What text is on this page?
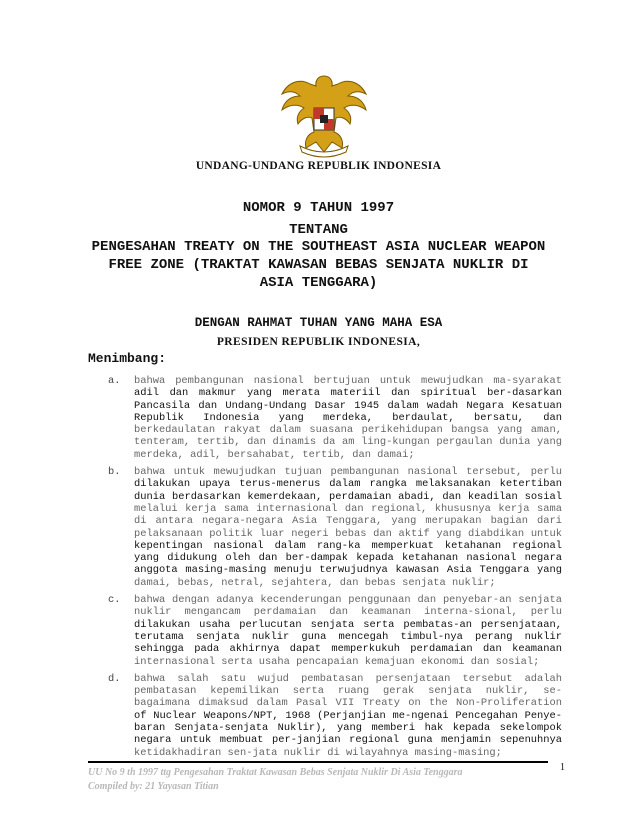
UNDANG-UNDANG REPUBLIK INDONESIA
NOMOR 9 TAHUN 1997
TENTANG
PENGESAHAN TREATY ON THE SOUTHEAST ASIA NUCLEAR WEAPON
FREE ZONE (TRAKTAT KAWASAN BEBAS SENJATA NUKLIR DI
ASIA TENGGARA)
DENGAN RAHMAT TUHAN YANG MAHA ESA
PRESIDEN REPUBLIK INDONESIA,
Menimbang:
a. bahwa pembangunan nasional bertujuan untuk mewujudkan ma-syarakat
adil dan makmur yang merata materiil dan spiritual ber-dasarkan
Pancasila dan Undang-Undang Dasar 1945 dalam wadah Negara Kesatuan
Republik Indonesia yang merdeka, berdaulat, bersatu, dan
berkedaulatan rakyat dalam suasana perikehidupan bangsa yang aman,
tenteram, tertib, dan dinamis da am ling-kungan pergaulan dunia yang
merdeka, adil, bersahabat, tertib, dan damai;
b. bahwa untuk mewujudkan tujuan pembangunan nasional tersebut, perlu
dilakukan upaya terus-menerus dalam rangka melaksanakan ketertiban
dunia berdasarkan kemerdekaan, perdamaian abadi, dan keadilan sosial
melalui kerja sama internasional dan regional, khususnya kerja sama
di antara negara-negara Asia Tenggara, yang merupakan bagian dari
pelaksanaan politik luar negeri bebas dan aktif yang diabdikan untuk
kepentingan nasional dalam rang-ka memperkuat ketahanan regional
yang didukung oleh dan ber-dampak kepada ketahanan nasional negara
anggota masing-masing menuju terwujudnya kawasan Asia Tenggara yang
damai, bebas, netral, sejahtera, dan bebas senjata nuklir;
c. bahwa dengan adanya kecenderungan penggunaan dan penyebar-an senjata
nuklir mengancam perdamaian dan keamanan interna-sional, perlu
dilakukan usaha perlucutan senjata serta pembatas-an persenjataan,
terutama senjata nuklir guna mencegah timbul-nya perang nuklir
sehingga pada akhirnya dapat memperkukuh perdamaian dan keamanan
internasional serta usaha pencapaian kemajuan ekonomi dan sosial;
d. bahwa salah satu wujud pembatasan persenjataan tersebut adalah
pembatasan kepemilikan serta ruang gerak senjata nuklir, se-
bagaimana dimaksud dalam Pasal VII Treaty on the Non-Proliferation
of Nuclear Weapons/NPT, 1968 (Perjanjian me-ngenai Pencegahan Penye-
baran Senjata-senjata Nuklir), yang memberi hak kepada sekelompok
negara untuk membuat per-janjian regional guna menjamin sepenuhnya
ketidakhadiran sen-jata nuklir di wilayahnya masing-masing;
1
UU No 9 th 1997 ttg Pengesahan Traktat Kawasan Bebas Senjata Nuklir Di Asia Tenggara
Compiled by: 21 Yayasan Titian
